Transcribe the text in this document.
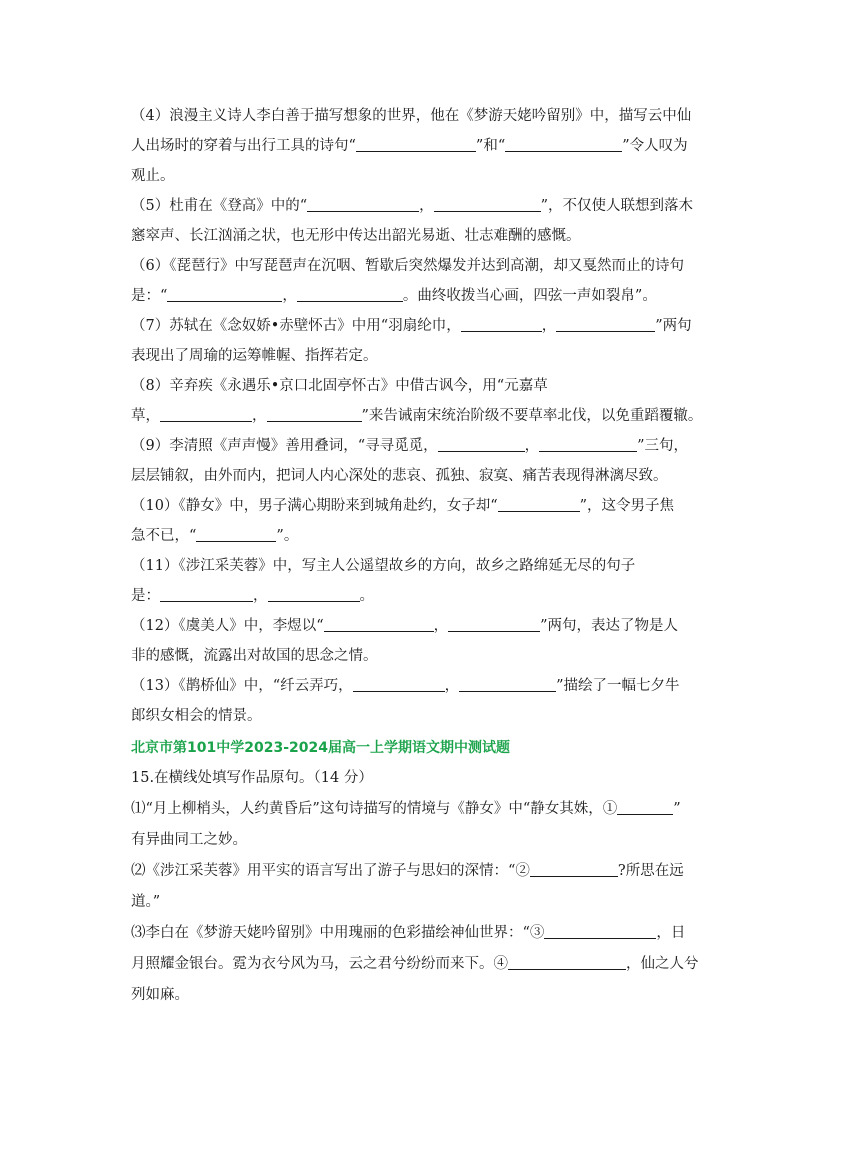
（4）浪漫主义诗人李白善于描写想象的世界，他在《梦游天姥吟留别》中，描写云中仙
人出场时的穿着与出行工具的诗句“	”和“	”令人叹为
观止。
（5）杜甫在《登高》中的“	，	”，不仅使人联想到落木
窸窣声、长江汹涌之状，也无形中传达出韶光易逝、壮志难酬的感慨。
（6）《琵琶行》中写琵琶声在沉咽、暂歇后突然爆发并达到高潮，却又戛然而止的诗句
是：“	，	。曲终收拨当心画，四弦一声如裂帛”。
（7）苏轼在《念奴娇•赤壁怀古》中用“羽扇纶巾，	，	”两句
表现出了周瑜的运筹帷幄、指挥若定。
（8）辛弃疾《永遇乐•京口北固亭怀古》中借古讽今，用“元嘉草
草，	，	”来告诫南宋统治阶级不要草率北伐，以免重蹈覆辙。
（9）李清照《声声慢》善用叠词，“寻寻觅觅，	，	”三句，
层层铺叙，由外而内，把词人内心深处的悲哀、孤独、寂寞、痛苦表现得淋漓尽致。
（10）《静女》中，男子满心期盼来到城角赴约，女子却“	”，这令男子焦
急不已，“	”。
（11）《涉江采芙蓉》中，写主人公遥望故乡的方向，故乡之路绵延无尽的句子
是：	，	。
（12）《虞美人》中，李煜以“	，	”两句，表达了物是人
非的感慨，流露出对故国的思念之情。
（13）《鹊桥仙》中，“纤云弄巧，	，	”描绘了一幅七夕牛
郎织女相会的情景。
北京市第101中学2023-2024届高一上学期语文期中测试题
15.在横线处填写作品原句。（14 分）
⑴“月上柳梢头，人约黄昏后”这句诗描写的情境与《静女》中“静女其姝，①	”
有异曲同工之妙。
⑵《涉江采芙蓉》用平实的语言写出了游子与思妇的深情：“②	?所思在远
道。”
⑶李白在《梦游天姥吟留别》中用瑰丽的色彩描绘神仙世界：“③	，日
月照耀金银台。霓为衣兮风为马，云之君兮纷纷而来下。④	，仙之人兮
列如麻。
